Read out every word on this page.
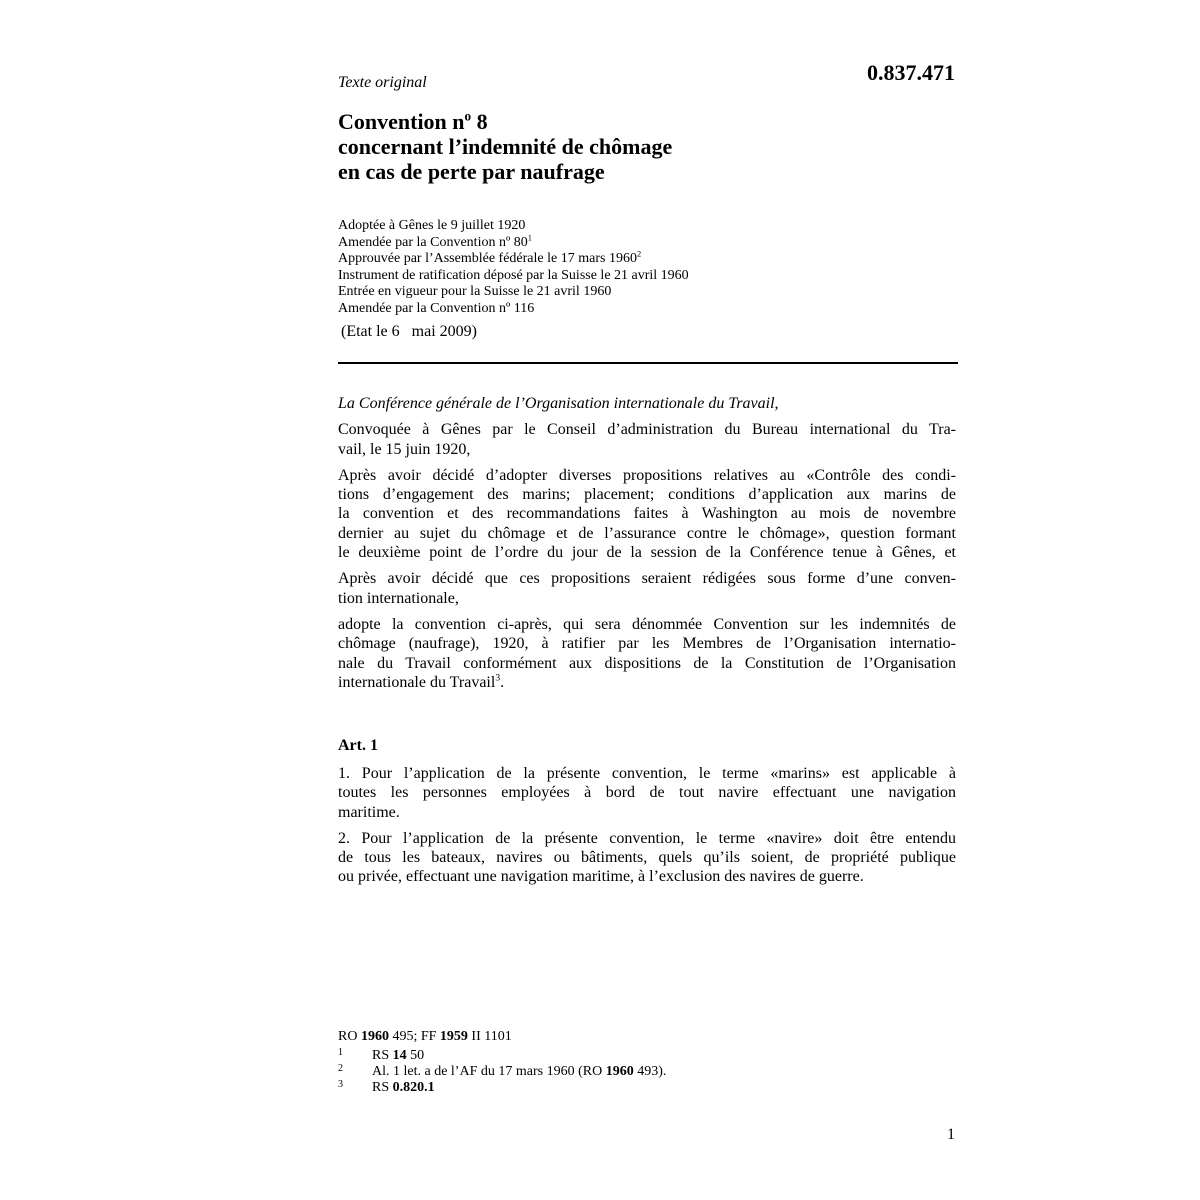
Texte original	0.837.471
Convention $n^o$ 8
concernant l’indemnité de chômage
en cas de perte par naufrage
Adoptée à Gênes le 9 juillet 1920
Amendée par la Convention nº $80^1$
Approuvée par l’Assemblée fédérale le 17 mars 1960$^2$
Instrument de ratification déposé par la Suisse le 21 avril 1960
Entrée en vigueur pour la Suisse le 21 avril 1960
Amendée par la Convention nº 116
(Etat le 6   mai 2009)

La Conférence générale de l’Organisation internationale du Travail,

Convoquée à Gênes par le Conseil d’administration du Bureau international du Tra-
vail, le 15 juin 1920,

Après avoir décidé d’adopter diverses propositions relatives au «Contrôle des condi-
tions d’engagement des marins; placement; conditions d’application aux marins de
la convention et des recommandations faites à Washington au mois de novembre
dernier au sujet du chômage et de l’assurance contre le chômage», question formant
le deuxième point de l’ordre du jour de la session de la Conférence tenue à Gênes, et

Après avoir décidé que ces propositions seraient rédigées sous forme d’une conven-
tion internationale,

adopte la convention ci-après, qui sera dénommée Convention sur les indemnités de
chômage (naufrage), 1920, à ratifier par les Membres de l’Organisation internatio-
nale du Travail conformément aux dispositions de la Constitution de l’Organisation
internationale du Travail$^3$.

Art. 1

1. Pour l’application de la présente convention, le terme «marins» est applicable à
toutes les personnes employées à bord de tout navire effectuant une navigation
maritime.

2. Pour l’application de la présente convention, le terme «navire» doit être entendu
de tous les bateaux, navires ou bâtiments, quels qu’ils soient, de propriété publique
ou privée, effectuant une navigation maritime, à l’exclusion des navires de guerre.

RO 1960 495; FF 1959 II 1101
1 RS 14 50
2 Al. 1 let. a de l’AF du 17 mars 1960 (RO 1960 493).
3 RS 0.820.1
1
